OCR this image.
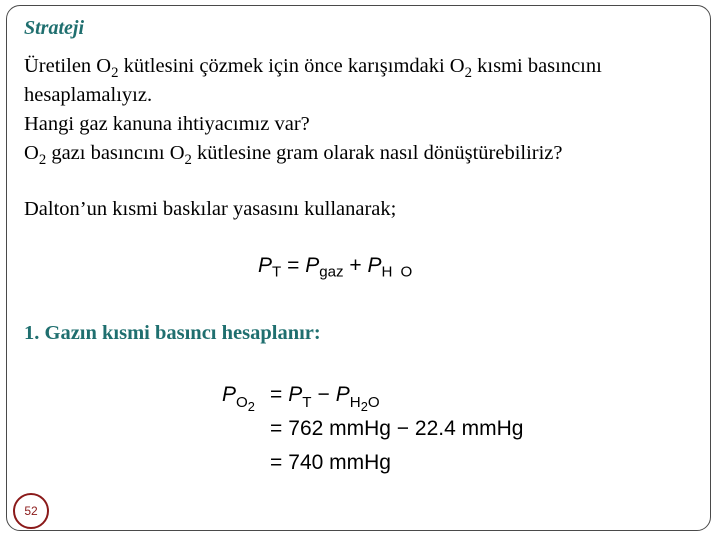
Strateji

Üretilen $O_2$ kütlesini çözmek için önce karışımdaki $O_2$ kısmi basıncını

hesaplamalıyız.

Hangi gaz kanuna ihtiyacımız var?

$O_2$ gazı basıncını $O_2$ kütlesine gram olarak nasıl dönüştürebiliriz?

Dalton’un kısmi baskılar yasasını kullanarak;

$P_T = P_{gaz} + P_H$ $_O$

1. Gazın kısmi basıncı hesaplanır:

$P_{O_2}= P_T - P_{H_2O}$
= 762 mmHg − 22.4 mmHg
= 740 mmHg
52
